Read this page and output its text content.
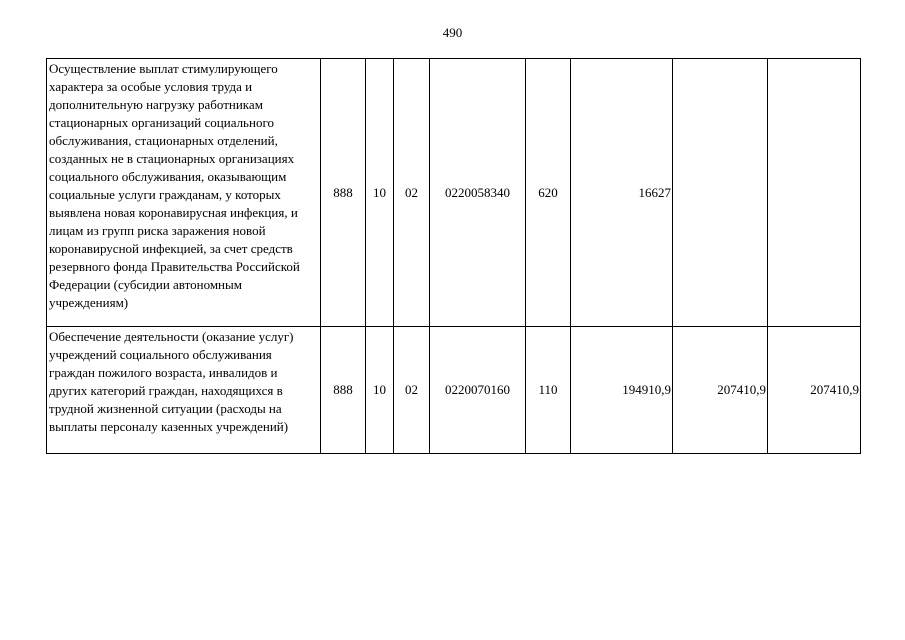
490
Осуществление выплат стимулирующего характера за особые условия труда и дополнительную нагрузку работникам стационарных организаций социального обслуживания, стационарных отделений, созданных не в стационарных организациях социального обслуживания, оказывающим социальные услуги гражданам, у которых выявлена новая коронавирусная инфекция, и лицам из групп риска заражения новой коронавирусной инфекцией, за счет средств резервного фонда Правительства Российской Федерации (субсидии автономным учреждениям)	888	10	02	0220058340	620	16627		
Обеспечение деятельности (оказание услуг) учреждений социального обслуживания граждан пожилого возраста, инвалидов и других категорий граждан, находящихся в трудной жизненной ситуации (расходы на выплаты персоналу казенных учреждений)	888	10	02	0220070160	110	194910,9	207410,9	207410,9
